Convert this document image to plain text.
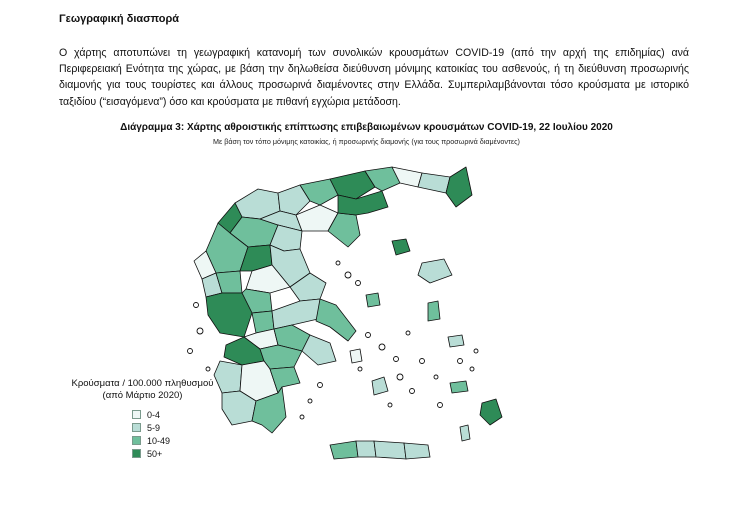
Γεωγραφική διασπορά
Ο χάρτης αποτυπώνει τη γεωγραφική κατανομή των συνολικών κρουσμάτων COVID-19 (από την αρχή της επιδημίας) ανά Περιφερειακή Ενότητα της χώρας, με βάση την δηλωθείσα διεύθυνση μόνιμης κατοικίας του ασθενούς, ή τη διεύθυνση προσωρινής διαμονής για τους τουρίστες και άλλους προσωρινά διαμένοντες στην Ελλάδα. Συμπεριλαμβάνονται τόσο κρούσματα με ιστορικό ταξιδίου (“εισαγόμενα”) όσο και κρούσματα με πιθανή εγχώρια μετάδοση.
Διάγραμμα 3: Χάρτης αθροιστικής επίπτωσης επιβεβαιωμένων κρουσμάτων COVID-19, 22 Ιουλίου 2020
Με βάση τον τόπο μόνιμης κατοικίας, ή προσωρινής διαμονής (για τους προσωρινά διαμένοντες)
Κρούσματα / 100.000 πληθυσμού
(από Μάρτιο 2020)
0-4
5-9
10-49
50+
